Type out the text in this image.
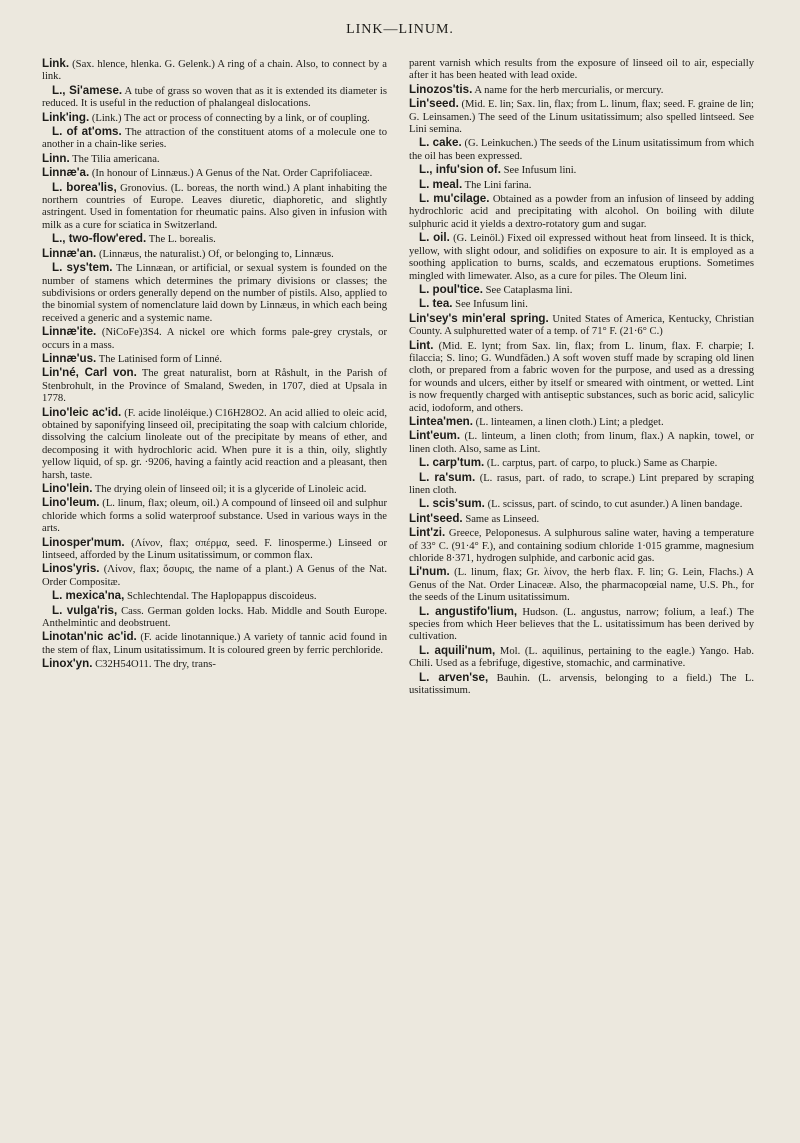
LINK—LINUM.

Link. (Sax. hlence, hlenka. G. Gelenk.) A ring of a chain. Also, to connect by a link.

L., Si'amese. A tube of grass so woven that as it is extended its diameter is reduced. It is useful in the reduction of phalangeal dislocations.

Link'ing. (Link.) The act or process of connecting by a link, or of coupling.

L. of at'oms. The attraction of the constituent atoms of a molecule one to another in a chain-like series.

Linn. The Tilia americana.

Linnæ'a. (In honour of Linnæus.) A Genus of the Nat. Order Caprifoliaceæ.

L. borea'lis, Gronovius. (L. boreas, the north wind.) A plant inhabiting the northern countries of Europe. Leaves diuretic, diaphoretic, and slightly astringent. Used in fomentation for rheumatic pains. Also given in infusion with milk as a cure for sciatica in Switzerland.

L., two-flow'ered. The L. borealis.

Linnæ'an. (Linnæus, the naturalist.) Of, or belonging to, Linnæus.

L. sys'tem. The Linnæan, or artificial, or sexual system is founded on the number of stamens which determines the primary divisions or classes; the subdivisions or orders generally depend on the number of pistils. Also, applied to the binomial system of nomenclature laid down by Linnæus, in which each being received a generic and a systemic name.

Linnæ'ite. (NiCoFe)3S4. A nickel ore which forms pale-grey crystals, or occurs in a mass.

Linnæ'us. The Latinised form of Linné.

Lin'né, Carl von. The great naturalist, born at Råshult, in the Parish of Stenbrohult, in the Province of Smaland, Sweden, in 1707, died at Upsala in 1778.

Lino'leic ac'id. (F. acide linoléique.) C16H28O2. An acid allied to oleic acid, obtained by saponifying linseed oil, precipitating the soap with calcium chloride, dissolving the calcium linoleate out of the precipitate by means of ether, and decomposing it with hydrochloric acid. When pure it is a thin, oily, slightly yellow liquid, of sp. gr. ·9206, having a faintly acid reaction and a pleasant, then harsh, taste.

Lino'lein. The drying olein of linseed oil; it is a glyceride of Linoleic acid.

Lino'leum. (L. linum, flax; oleum, oil.) A compound of linseed oil and sulphur chloride which forms a solid waterproof substance. Used in various ways in the arts.

Linosper'mum. (Λίνον, flax; σπέρμα, seed. F. linosperme.) Linseed or lintseed, afforded by the Linum usitatissimum, or common flax.

Linos'yris. (Λίνον, flax; ὄσυρις, the name of a plant.) A Genus of the Nat. Order Compositæ.

L. mexica'na, Schlechtendal. The Haplopappus discoideus.

L. vulga'ris, Cass. German golden locks. Hab. Middle and South Europe. Anthelmintic and deobstruent.

Linotan'nic ac'id. (F. acide linotannique.) A variety of tannic acid found in the stem of flax, Linum usitatissimum. It is coloured green by ferric perchloride.

Linox'yn. C32H54O11. The dry, trans-

parent varnish which results from the exposure of linseed oil to air, especially after it has been heated with lead oxide.

Linozos'tis. A name for the herb mercurialis, or mercury.

Lin'seed. (Mid. E. lin; Sax. lin, flax; from L. linum, flax; seed. F. graine de lin; G. Leinsamen.) The seed of the Linum usitatissimum; also spelled lintseed. See Lini semina.

L. cake. (G. Leinkuchen.) The seeds of the Linum usitatissimum from which the oil has been expressed.

L., infu'sion of. See Infusum lini.

L. meal. The Lini farina.

L. mu'cilage. Obtained as a powder from an infusion of linseed by adding hydrochloric acid and precipitating with alcohol. On boiling with dilute sulphuric acid it yields a dextro-rotatory gum and sugar.

L. oil. (G. Leinöl.) Fixed oil expressed without heat from linseed. It is thick, yellow, with slight odour, and solidifies on exposure to air. It is employed as a soothing application to burns, scalds, and eczematous eruptions. Sometimes mingled with limewater. Also, as a cure for piles. The Oleum lini.

L. poul'tice. See Cataplasma lini.

L. tea. See Infusum lini.

Lin'sey's min'eral spring. United States of America, Kentucky, Christian County. A sulphuretted water of a temp. of 71° F. (21·6° C.)

Lint. (Mid. E. lynt; from Sax. lin, flax; from L. linum, flax. F. charpie; I. filaccia; S. lino; G. Wundfäden.) A soft woven stuff made by scraping old linen cloth, or prepared from a fabric woven for the purpose, and used as a dressing for wounds and ulcers, either by itself or smeared with ointment, or wetted. Lint is now frequently charged with antiseptic substances, such as boric acid, salicylic acid, iodoform, and others.

Lintea'men. (L. linteamen, a linen cloth.) Lint; a pledget.

Lint'eum. (L. linteum, a linen cloth; from linum, flax.) A napkin, towel, or linen cloth. Also, same as Lint.

L. carp'tum. (L. carptus, part. of carpo, to pluck.) Same as Charpie.

L. ra'sum. (L. rasus, part. of rado, to scrape.) Lint prepared by scraping linen cloth.

L. scis'sum. (L. scissus, part. of scindo, to cut asunder.) A linen bandage.

Lint'seed. Same as Linseed.

Lint'zi. Greece, Peloponesus. A sulphurous saline water, having a temperature of 33° C. (91·4° F.), and containing sodium chloride 1·015 gramme, magnesium chloride 8·371, hydrogen sulphide, and carbonic acid gas.

Li'num. (L. linum, flax; Gr. λίνον, the herb flax. F. lin; G. Lein, Flachs.) A Genus of the Nat. Order Linaceæ. Also, the pharmacopœial name, U.S. Ph., for the seeds of the Linum usitatissimum.

L. angustifo'lium, Hudson. (L. angustus, narrow; folium, a leaf.) The species from which Heer believes that the L. usitatissimum has been derived by cultivation.

L. aquili'num, Mol. (L. aquilinus, pertaining to the eagle.) Yango. Hab. Chili. Used as a febrifuge, digestive, stomachic, and carminative.

L. arven'se, Bauhin. (L. arvensis, belonging to a field.) The L. usitatissimum.
